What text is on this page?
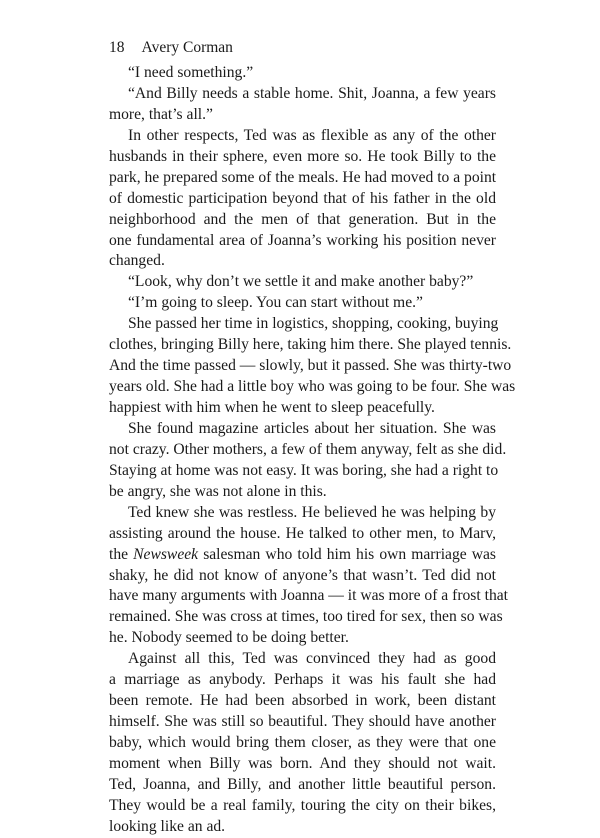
18 Avery Corman
“I need something.”
“And Billy needs a stable home. Shit, Joanna, a few years
more, that’s all.”
In other respects, Ted was as flexible as any of the other
husbands in their sphere, even more so. He took Billy to the
park, he prepared some of the meals. He had moved to a point
of domestic participation beyond that of his father in the old
neighborhood and the men of that generation. But in the
one fundamental area of Joanna’s working his position never
changed.
“Look, why don’t we settle it and make another baby?”
“I’m going to sleep. You can start without me.”
She passed her time in logistics, shopping, cooking, buying
clothes, bringing Billy here, taking him there. She played tennis.
And the time passed — slowly, but it passed. She was thirty-two
years old. She had a little boy who was going to be four. She was
happiest with him when he went to sleep peacefully.
She found magazine articles about her situation. She was
not crazy. Other mothers, a few of them anyway, felt as she did.
Staying at home was not easy. It was boring, she had a right to
be angry, she was not alone in this.
Ted knew she was restless. He believed he was helping by
assisting around the house. He talked to other men, to Marv,
the Newsweek salesman who told him his own marriage was
shaky, he did not know of anyone’s that wasn’t. Ted did not
have many arguments with Joanna — it was more of a frost that
remained. She was cross at times, too tired for sex, then so was
he. Nobody seemed to be doing better.
Against all this, Ted was convinced they had as good
a marriage as anybody. Perhaps it was his fault she had
been remote. He had been absorbed in work, been distant
himself. She was still so beautiful. They should have another
baby, which would bring them closer, as they were that one
moment when Billy was born. And they should not wait.
Ted, Joanna, and Billy, and another little beautiful person.
They would be a real family, touring the city on their bikes,
looking like an ad.
